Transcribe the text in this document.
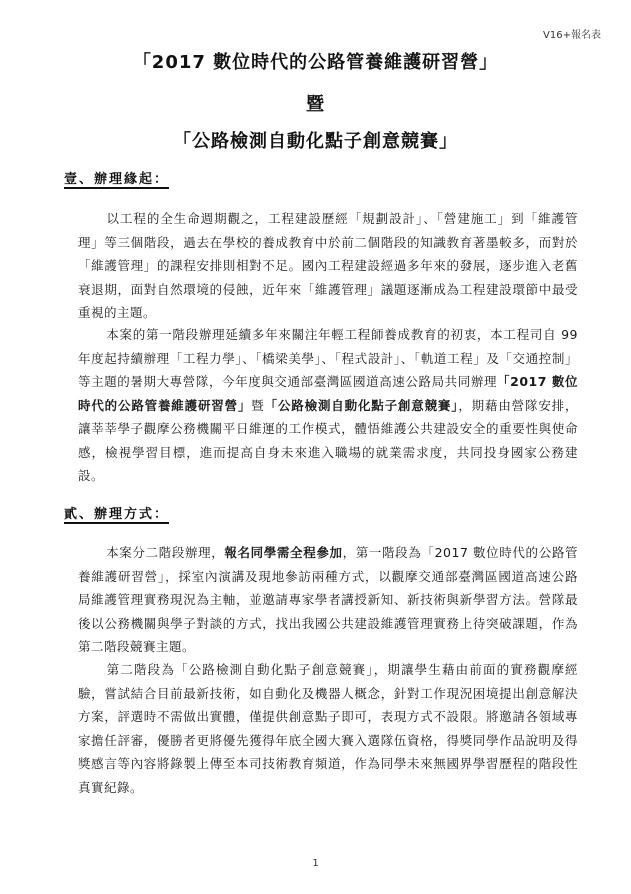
V16+報名表
「2017 數位時代的公路管養維護研習營」
暨
「公路檢測自動化點子創意競賽」
壹、辦理緣起：

以工程的全生命週期觀之，工程建設歷經「規劃設計」、「營建施工」到「維護管理」等三個階段，過去在學校的養成教育中於前二個階段的知識教育著墨較多，而對於「維護管理」的課程安排則相對不足。國內工程建設經過多年來的發展，逐步進入老舊衰退期，面對自然環境的侵蝕，近年來「維護管理」議題逐漸成為工程建設環節中最受重視的主題。

本案的第一階段辦理延續多年來關注年輕工程師養成教育的初衷，本工程司自 99 年度起持續辦理「工程力學」、「橋梁美學」、「程式設計」、「軌道工程」及「交通控制」等主題的暑期大專營隊，今年度與交通部臺灣區國道高速公路局共同辦理「2017 數位時代的公路管養維護研習營」暨「公路檢測自動化點子創意競賽」，期藉由營隊安排，讓莘莘學子觀摩公務機關平日維運的工作模式，體悟維護公共建設安全的重要性與使命感，檢視學習目標，進而提高自身未來進入職場的就業需求度，共同投身國家公務建設。

貳、辦理方式：

本案分二階段辦理，報名同學需全程參加，第一階段為「2017 數位時代的公路管養維護研習營」，採室內演講及現地參訪兩種方式，以觀摩交通部臺灣區國道高速公路局維護管理實務現況為主軸，並邀請專家學者講授新知、新技術與新學習方法。營隊最後以公務機關與學子對談的方式，找出我國公共建設維護管理實務上待突破課題，作為第二階段競賽主題。

第二階段為「公路檢測自動化點子創意競賽」，期讓學生藉由前面的實務觀摩經驗，嘗試結合目前最新技術，如自動化及機器人概念，針對工作現況困境提出創意解決方案，評選時不需做出實體，僅提供創意點子即可，表現方式不設限。將邀請各領域專家擔任評審，優勝者更將優先獲得年底全國大賽入選隊伍資格，得獎同學作品說明及得獎感言等內容將錄製上傳至本司技術教育頻道，作為同學未來無國界學習歷程的階段性真實紀錄。

1
